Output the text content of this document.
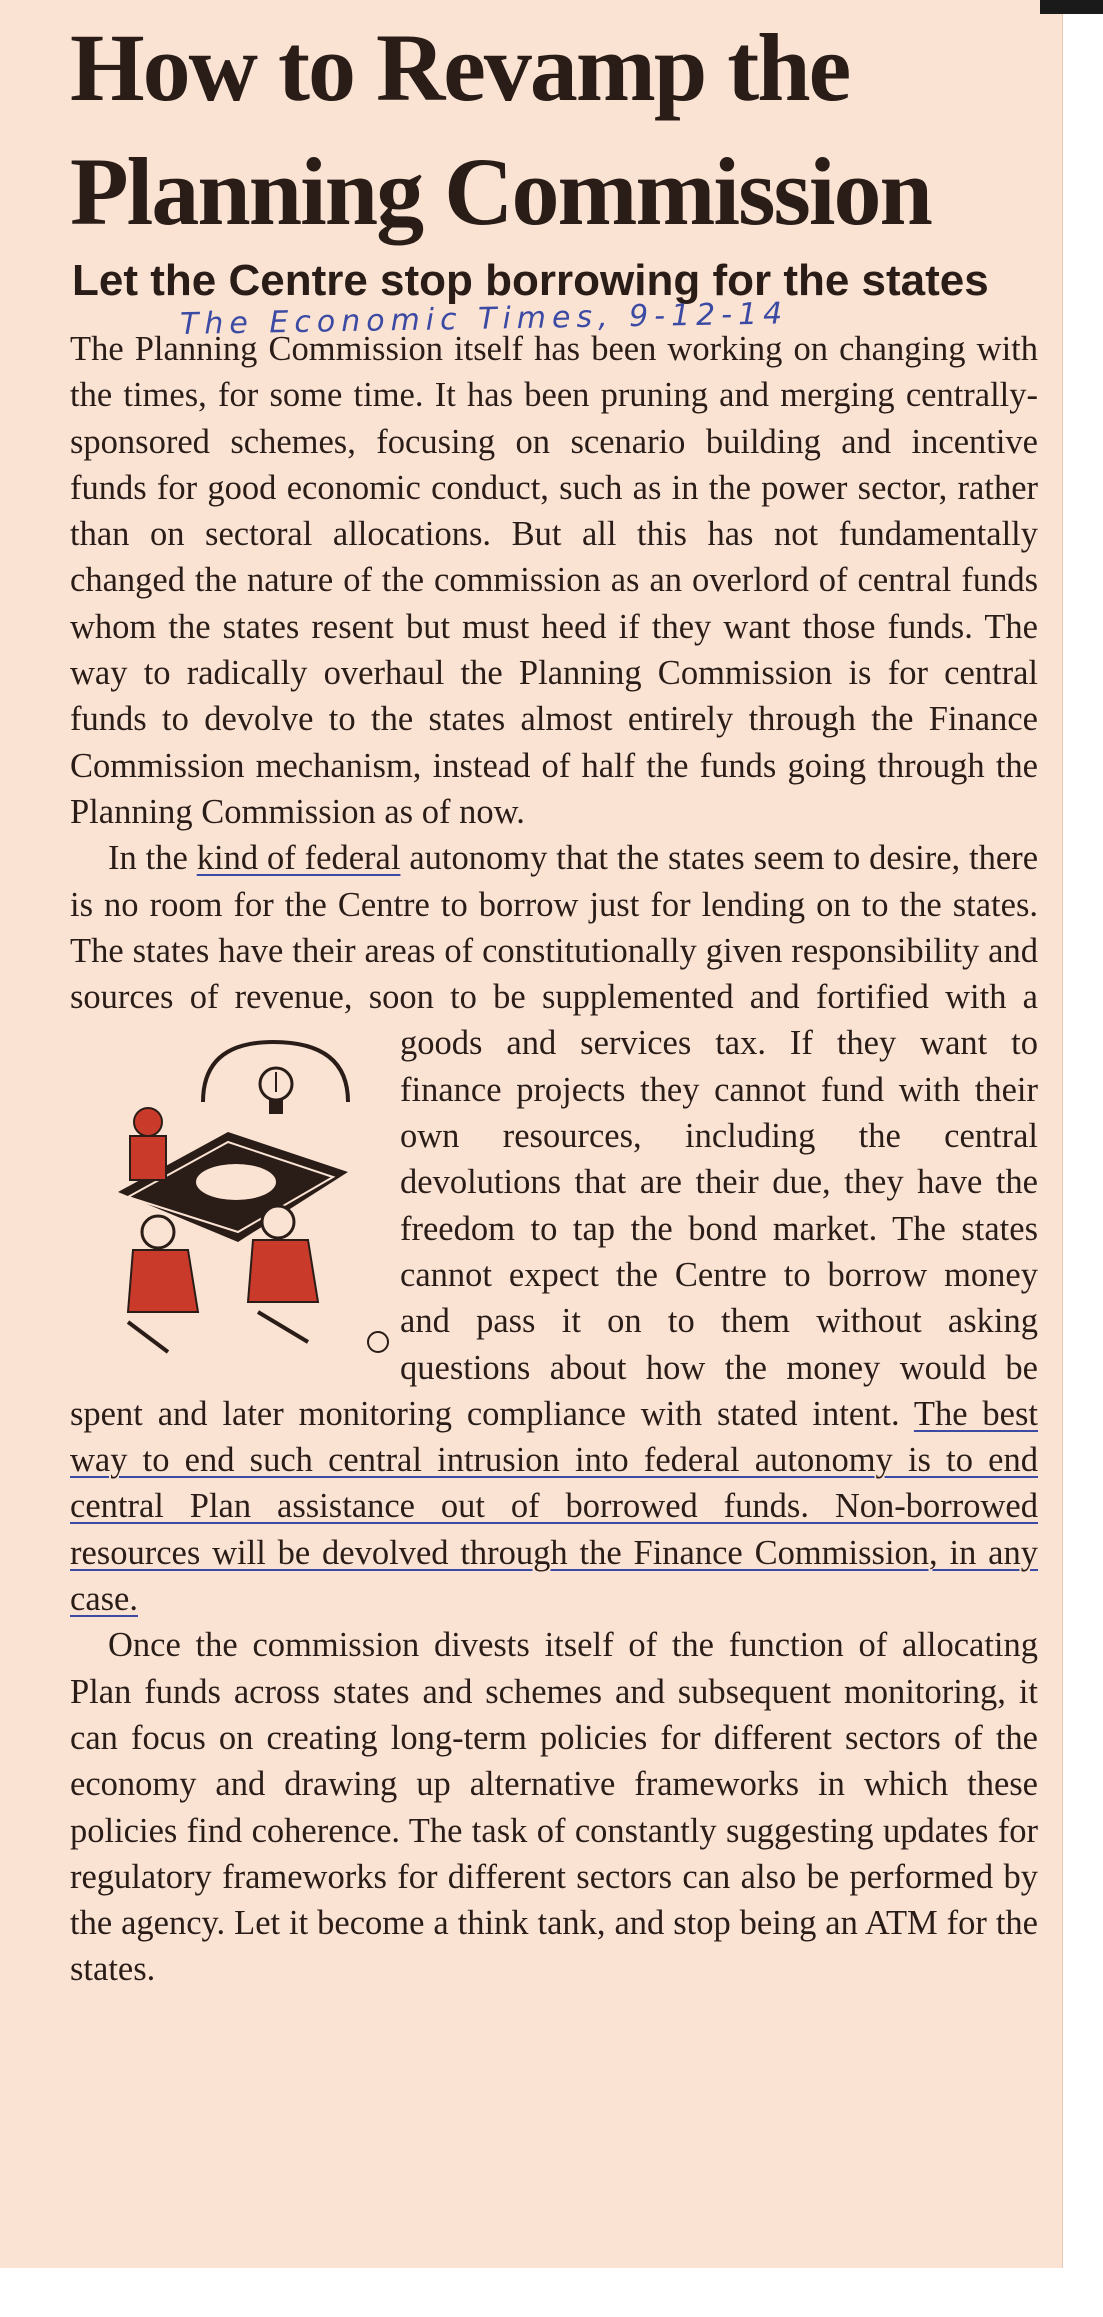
How to Revamp the Planning Commission
Let the Centre stop borrowing for the states
The Economic Times, 9-12-14

The Planning Commission itself has been working on changing with the times, for some time. It has been pruning and merging centrally-sponsored schemes, focusing on scenario building and incentive funds for good economic conduct, such as in the power sector, rather than on sectoral allocations. But all this has not fundamentally changed the nature of the commission as an overlord of central funds whom the states resent but must heed if they want those funds. The way to radically overhaul the Planning Commission is for central funds to devolve to the states almost entirely through the Finance Commission mechanism, instead of half the funds going through the Planning Commission as of now.

In the kind of federal autonomy that the states seem to desire, there is no room for the Centre to borrow just for lending on to the states. The states have their areas of constitutionally given responsibility and sources of revenue, soon to be supplemented and fortified with a goods and services tax. If they want to finance projects they cannot fund with their own resources, including the central devolutions that are their due, they have the freedom to tap the bond market. The states cannot expect the Centre to borrow money and pass it on to them without asking questions about how the money would be spent and later monitoring compliance with stated intent. The best way to end such central intrusion into federal autonomy is to end central Plan assistance out of borrowed funds. Non-borrowed resources will be devolved through the Finance Commission, in any case.

Once the commission divests itself of the function of allocating Plan funds across states and schemes and subsequent monitoring, it can focus on creating long-term policies for different sectors of the economy and drawing up alternative frameworks in which these policies find coherence. The task of constantly suggesting updates for regulatory frameworks for different sectors can also be performed by the agency. Let it become a think tank, and stop being an ATM for the states.
